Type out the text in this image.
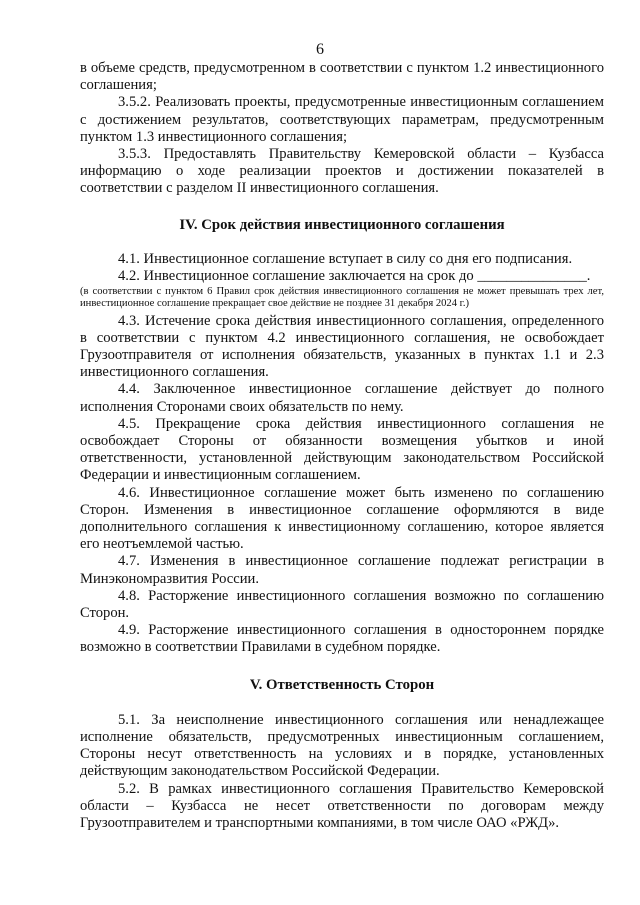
6

в объеме средств, предусмотренном в соответствии с пунктом 1.2 инвестиционного соглашения;

3.5.2. Реализовать проекты, предусмотренные инвестиционным соглашением с достижением результатов, соответствующих параметрам, предусмотренным пунктом 1.3 инвестиционного соглашения;

3.5.3. Предоставлять Правительству Кемеровской области – Кузбасса информацию о ходе реализации проектов и достижении показателей в соответствии с разделом II инвестиционного соглашения.

IV. Срок действия инвестиционного соглашения

4.1. Инвестиционное соглашение вступает в силу со дня его подписания.

4.2. Инвестиционное соглашение заключается на срок до _______________.

(в соответствии с пунктом 6 Правил срок действия инвестиционного соглашения не может превышать трех лет, инвестиционное соглашение прекращает свое действие не позднее 31 декабря 2024 г.)

4.3. Истечение срока действия инвестиционного соглашения, определенного в соответствии с пунктом 4.2 инвестиционного соглашения, не освобождает Грузоотправителя от исполнения обязательств, указанных в пунктах 1.1 и 2.3 инвестиционного соглашения.

4.4. Заключенное инвестиционное соглашение действует до полного исполнения Сторонами своих обязательств по нему.

4.5. Прекращение срока действия инвестиционного соглашения не освобождает Стороны от обязанности возмещения убытков и иной ответственности, установленной действующим законодательством Российской Федерации и инвестиционным соглашением.

4.6. Инвестиционное соглашение может быть изменено по соглашению Сторон. Изменения в инвестиционное соглашение оформляются в виде дополнительного соглашения к инвестиционному соглашению, которое является его неотъемлемой частью.

4.7. Изменения в инвестиционное соглашение подлежат регистрации в Минэкономразвития России.

4.8. Расторжение инвестиционного соглашения возможно по соглашению Сторон.

4.9. Расторжение инвестиционного соглашения в одностороннем порядке возможно в соответствии Правилами в судебном порядке.

V. Ответственность Сторон

5.1. За неисполнение инвестиционного соглашения или ненадлежащее исполнение обязательств, предусмотренных инвестиционным соглашением, Стороны несут ответственность на условиях и в порядке, установленных действующим законодательством Российской Федерации.

5.2. В рамках инвестиционного соглашения Правительство Кемеровской области – Кузбасса не несет ответственности по договорам между Грузоотправителем и транспортными компаниями, в том числе ОАО «РЖД».
